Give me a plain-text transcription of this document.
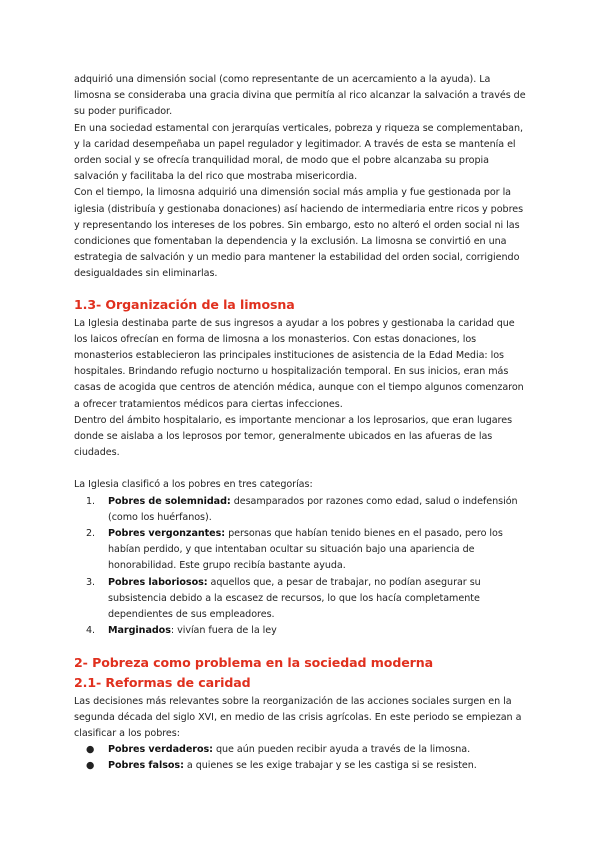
adquirió una dimensión social (como representante de un acercamiento a la ayuda). La limosna se consideraba una gracia divina que permitía al rico alcanzar la salvación a través de su poder purificador.

En una sociedad estamental con jerarquías verticales, pobreza y riqueza se complementaban, y la caridad desempeñaba un papel regulador y legitimador. A través de esta se mantenía el orden social y se ofrecía tranquilidad moral, de modo que el pobre alcanzaba su propia salvación y facilitaba la del rico que mostraba misericordia.

Con el tiempo, la limosna adquirió una dimensión social más amplia y fue gestionada por la iglesia (distribuía y gestionaba donaciones) así haciendo de intermediaria entre ricos y pobres y representando los intereses de los pobres. Sin embargo, esto no alteró el orden social ni las condiciones que fomentaban la dependencia y la exclusión. La limosna se convirtió en una estrategia de salvación y un medio para mantener la estabilidad del orden social, corrigiendo desigualdades sin eliminarlas.

1.3- Organización de la limosna

La Iglesia destinaba parte de sus ingresos a ayudar a los pobres y gestionaba la caridad que los laicos ofrecían en forma de limosna a los monasterios. Con estas donaciones, los monasterios establecieron las principales instituciones de asistencia de la Edad Media: los hospitales. Brindando refugio nocturno u hospitalización temporal. En sus inicios, eran más casas de acogida que centros de atención médica, aunque con el tiempo algunos comenzaron a ofrecer tratamientos médicos para ciertas infecciones.

Dentro del ámbito hospitalario, es importante mencionar a los leprosarios, que eran lugares donde se aislaba a los leprosos por temor, generalmente ubicados en las afueras de las ciudades.

La Iglesia clasificó a los pobres en tres categorías:

1. Pobres de solemnidad: desamparados por razones como edad, salud o indefensión (como los huérfanos).
2. Pobres vergonzantes: personas que habían tenido bienes en el pasado, pero los habían perdido, y que intentaban ocultar su situación bajo una apariencia de honorabilidad. Este grupo recibía bastante ayuda.
3. Pobres laboriosos: aquellos que, a pesar de trabajar, no podían asegurar su subsistencia debido a la escasez de recursos, lo que los hacía completamente dependientes de sus empleadores.
4. Marginados: vivían fuera de la ley
2- Pobreza como problema en la sociedad moderna
2.1- Reformas de caridad

Las decisiones más relevantes sobre la reorganización de las acciones sociales surgen en la segunda década del siglo XVI, en medio de las crisis agrícolas. En este periodo se empiezan a clasificar a los pobres:

● Pobres verdaderos: que aún pueden recibir ayuda a través de la limosna.
● Pobres falsos: a quienes se les exige trabajar y se les castiga si se resisten.
